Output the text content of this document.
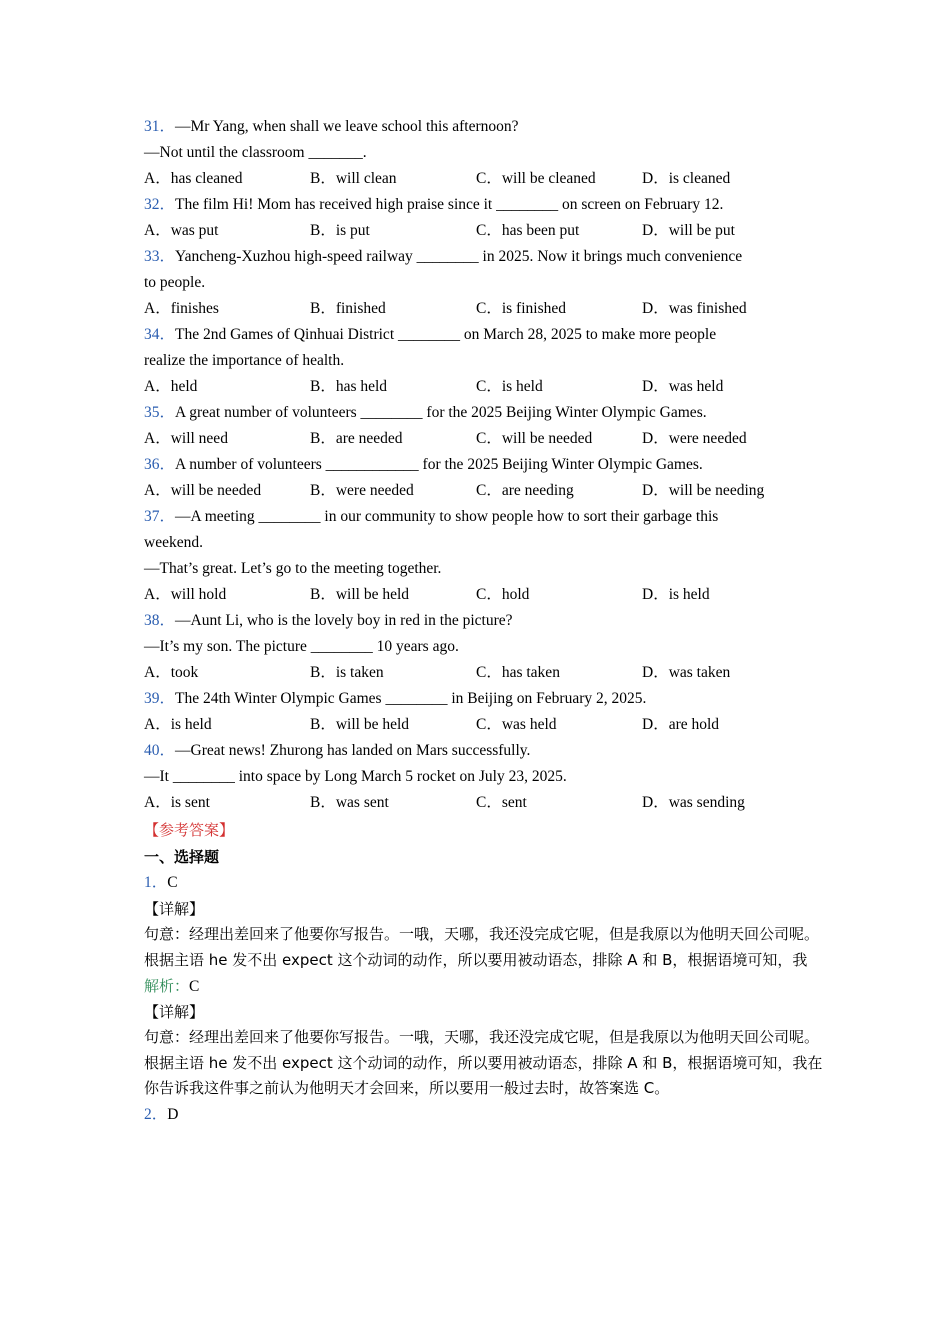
31．—Mr Yang, when shall we leave school this afternoon?
—Not until the classroom _______.
A．has cleaned	B．will clean	C．will be cleaned	D．is cleaned
32．The film Hi! Mom has received high praise since it ________ on screen on February 12.
A．was put	B．is put	C．has been put	D．will be put
33．Yancheng-Xuzhou high-speed railway ________ in 2025. Now it brings much convenience
to people.
A．finishes	B．finished	C．is finished	D．was finished
34．The 2nd Games of Qinhuai District ________ on March 28, 2025 to make more people
realize the importance of health.
A．held	B．has held	C．is held	D．was held
35．A great number of volunteers ________ for the 2025 Beijing Winter Olympic Games.
A．will need	B．are needed	C．will be needed	D．were needed
36．A number of volunteers ____________ for the 2025 Beijing Winter Olympic Games.
A．will be needed	B．were needed	C．are needing	D．will be needing
37．—A meeting ________ in our community to show people how to sort their garbage this
weekend.
—That’s great. Let’s go to the meeting together.
A．will hold	B．will be held	C．hold	D．is held
38．—Aunt Li, who is the lovely boy in red in the picture?
—It’s my son. The picture ________ 10 years ago.
A．took	B．is taken	C．has taken	D．was taken
39．The 24th Winter Olympic Games ________ in Beijing on February 2, 2025.
A．is held	B．will be held	C．was held	D．are hold
40．—Great news! Zhurong has landed on Mars successfully.
—It ________ into space by Long March 5 rocket on July 23, 2025.
A．is sent	B．was sent	C．sent	D．was sending
【参考答案】
一、选择题
1．C
【详解】
句意：经理出差回来了他要你写报告。一哦，天哪，我还没完成它呢，但是我原以为他明天回公司呢。
根据主语 he 发不出 expect 这个动词的动作，所以要用被动语态，排除 A 和 B，根据语境可知，我
解析：C
【详解】
句意：经理出差回来了他要你写报告。一哦，天哪，我还没完成它呢，但是我原以为他明天回公司呢。
根据主语 he 发不出 expect 这个动词的动作，所以要用被动语态，排除 A 和 B，根据语境可知，我在你告诉我这件事之前认为他明天才会回来，所以要用一般过去时，故答案选 C。
2．D
